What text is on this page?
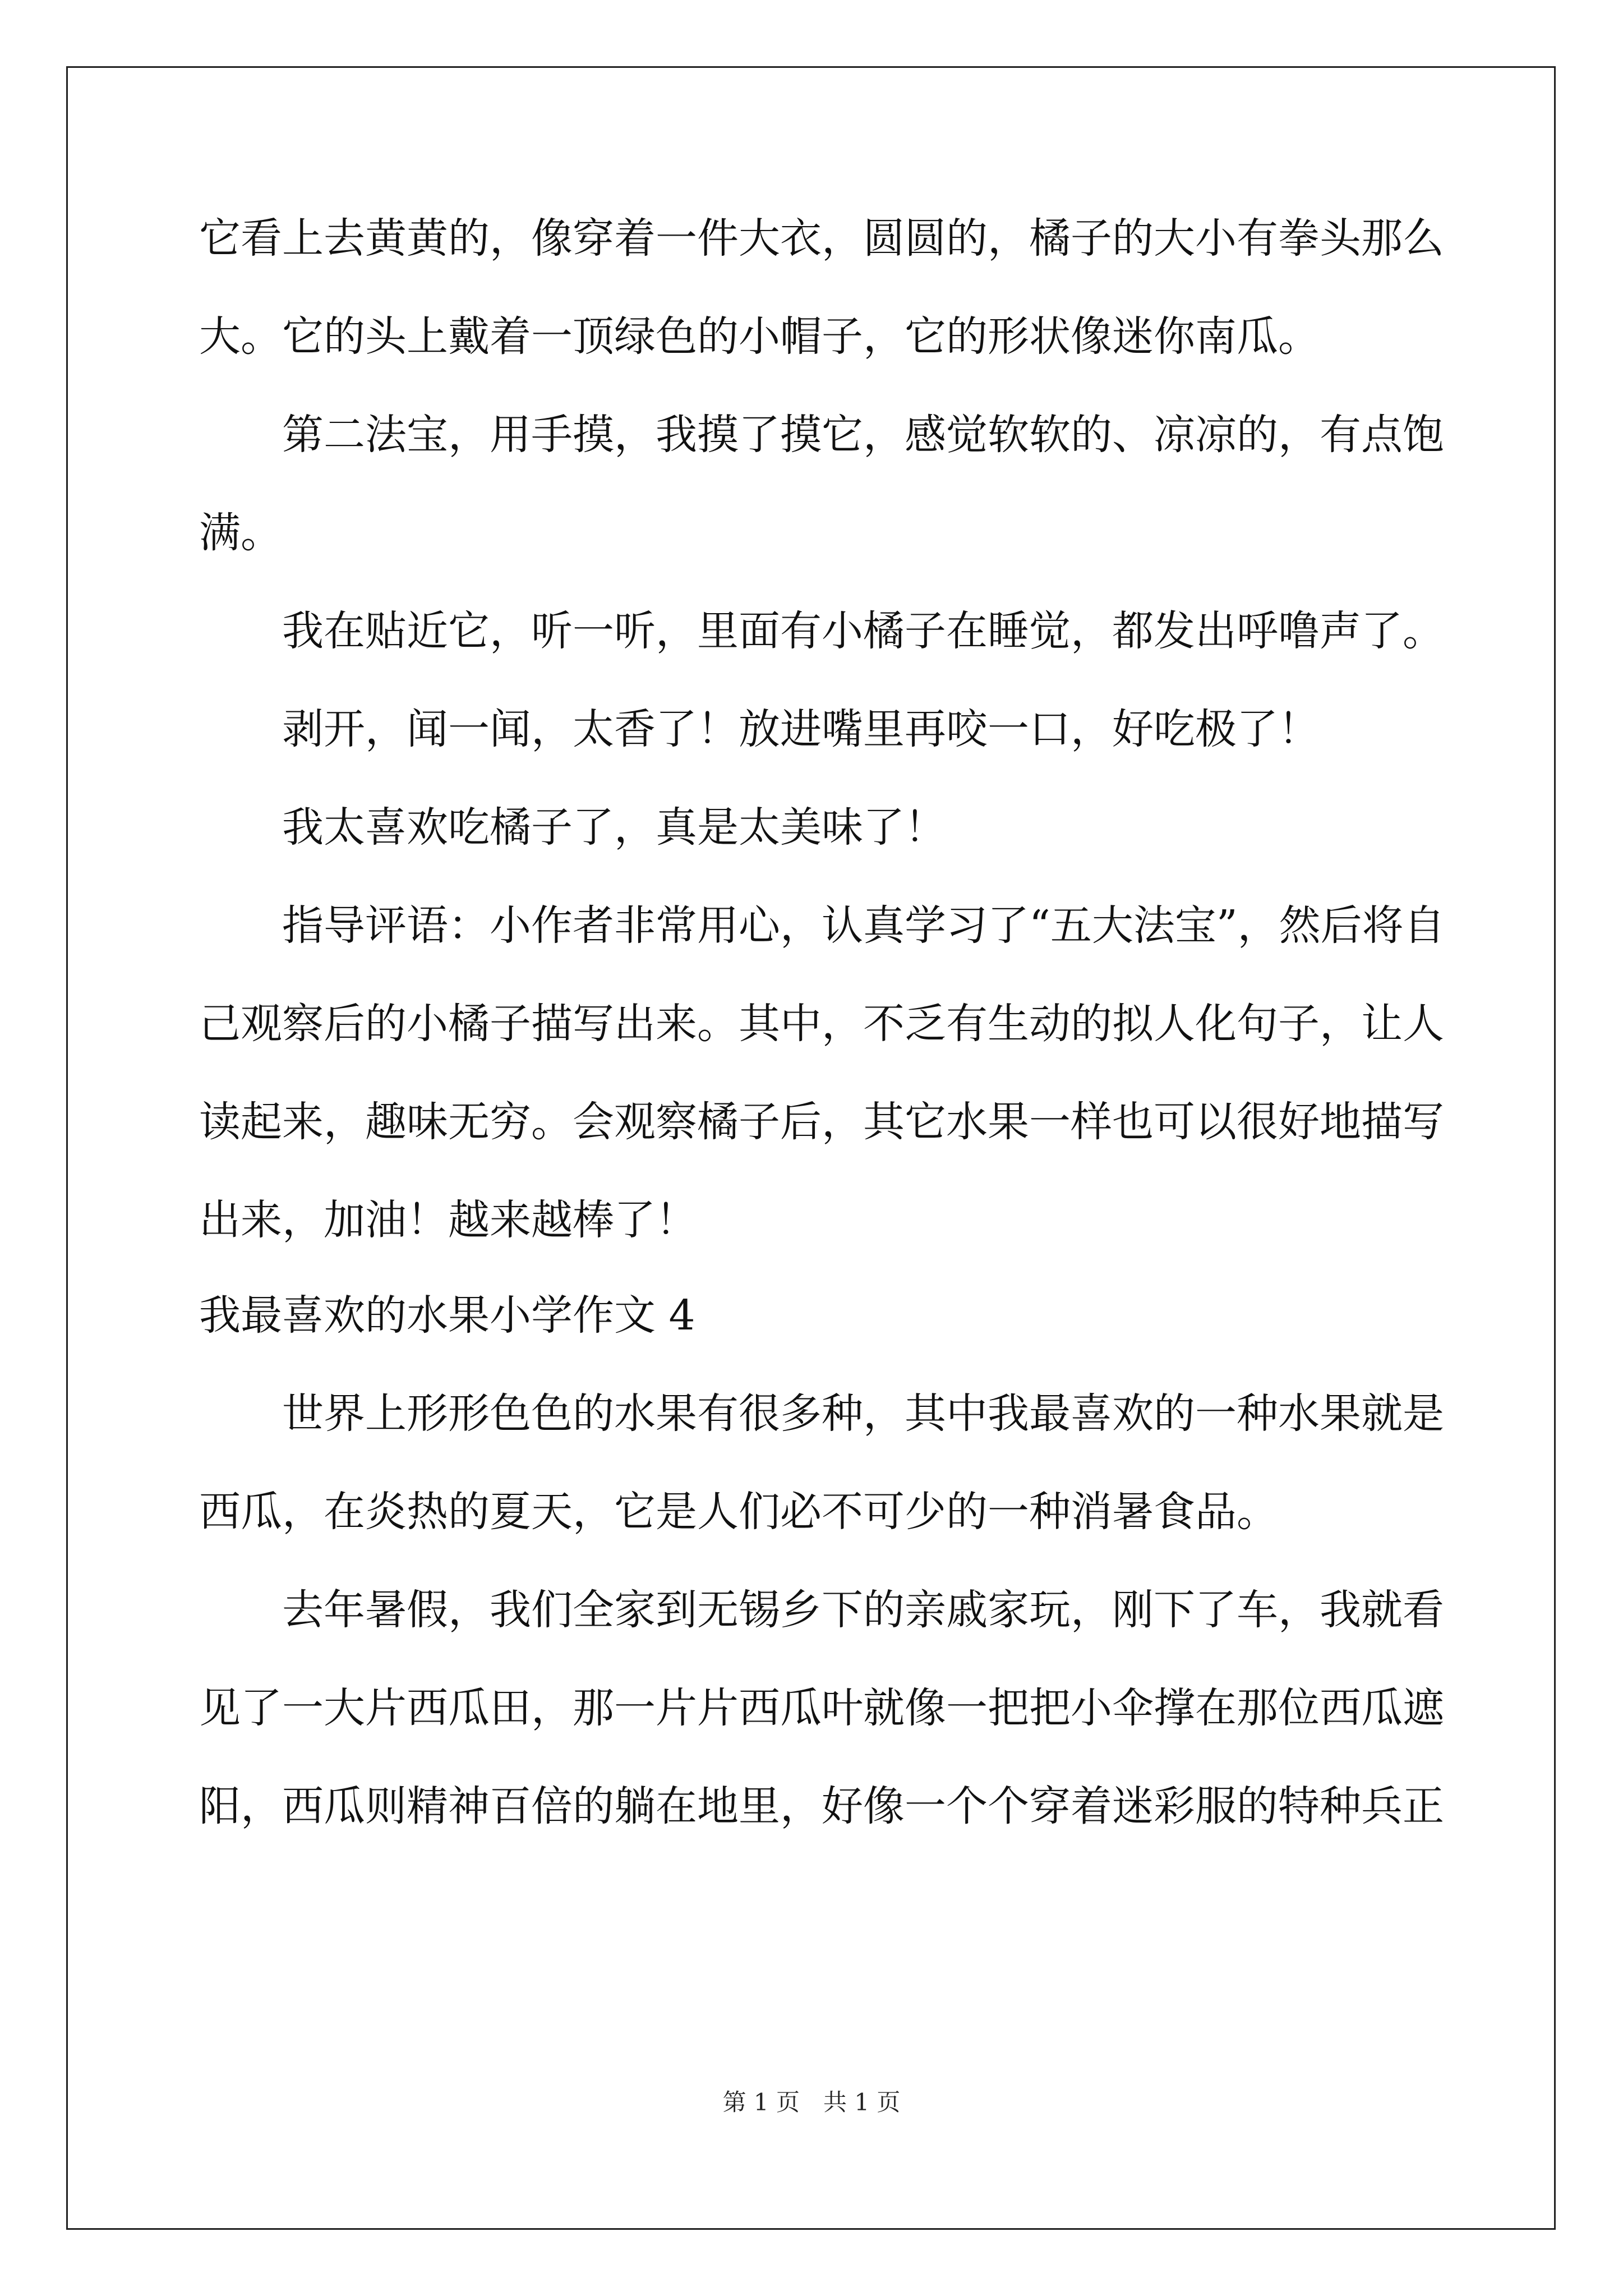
它看上去黄黄的，像穿着一件大衣，圆圆的，橘子的大小有拳头那么
大。它的头上戴着一顶绿色的小帽子，它的形状像迷你南瓜。
第二法宝，用手摸，我摸了摸它，感觉软软的、凉凉的，有点饱
满。
我在贴近它，听一听，里面有小橘子在睡觉，都发出呼噜声了。
剥开，闻一闻，太香了！放进嘴里再咬一口，好吃极了！
我太喜欢吃橘子了，真是太美味了！
指导评语：小作者非常用心，认真学习了“五大法宝”，然后将自
己观察后的小橘子描写出来。其中，不乏有生动的拟人化句子，让人
读起来，趣味无穷。会观察橘子后，其它水果一样也可以很好地描写
出来，加油！越来越棒了！
我最喜欢的水果小学作文 4
世界上形形色色的水果有很多种，其中我最喜欢的一种水果就是
西瓜，在炎热的夏天，它是人们必不可少的一种消暑食品。
去年暑假，我们全家到无锡乡下的亲戚家玩，刚下了车，我就看
见了一大片西瓜田，那一片片西瓜叶就像一把把小伞撑在那位西瓜遮
阳，西瓜则精神百倍的躺在地里，好像一个个穿着迷彩服的特种兵正
第 1 页　共 1 页
